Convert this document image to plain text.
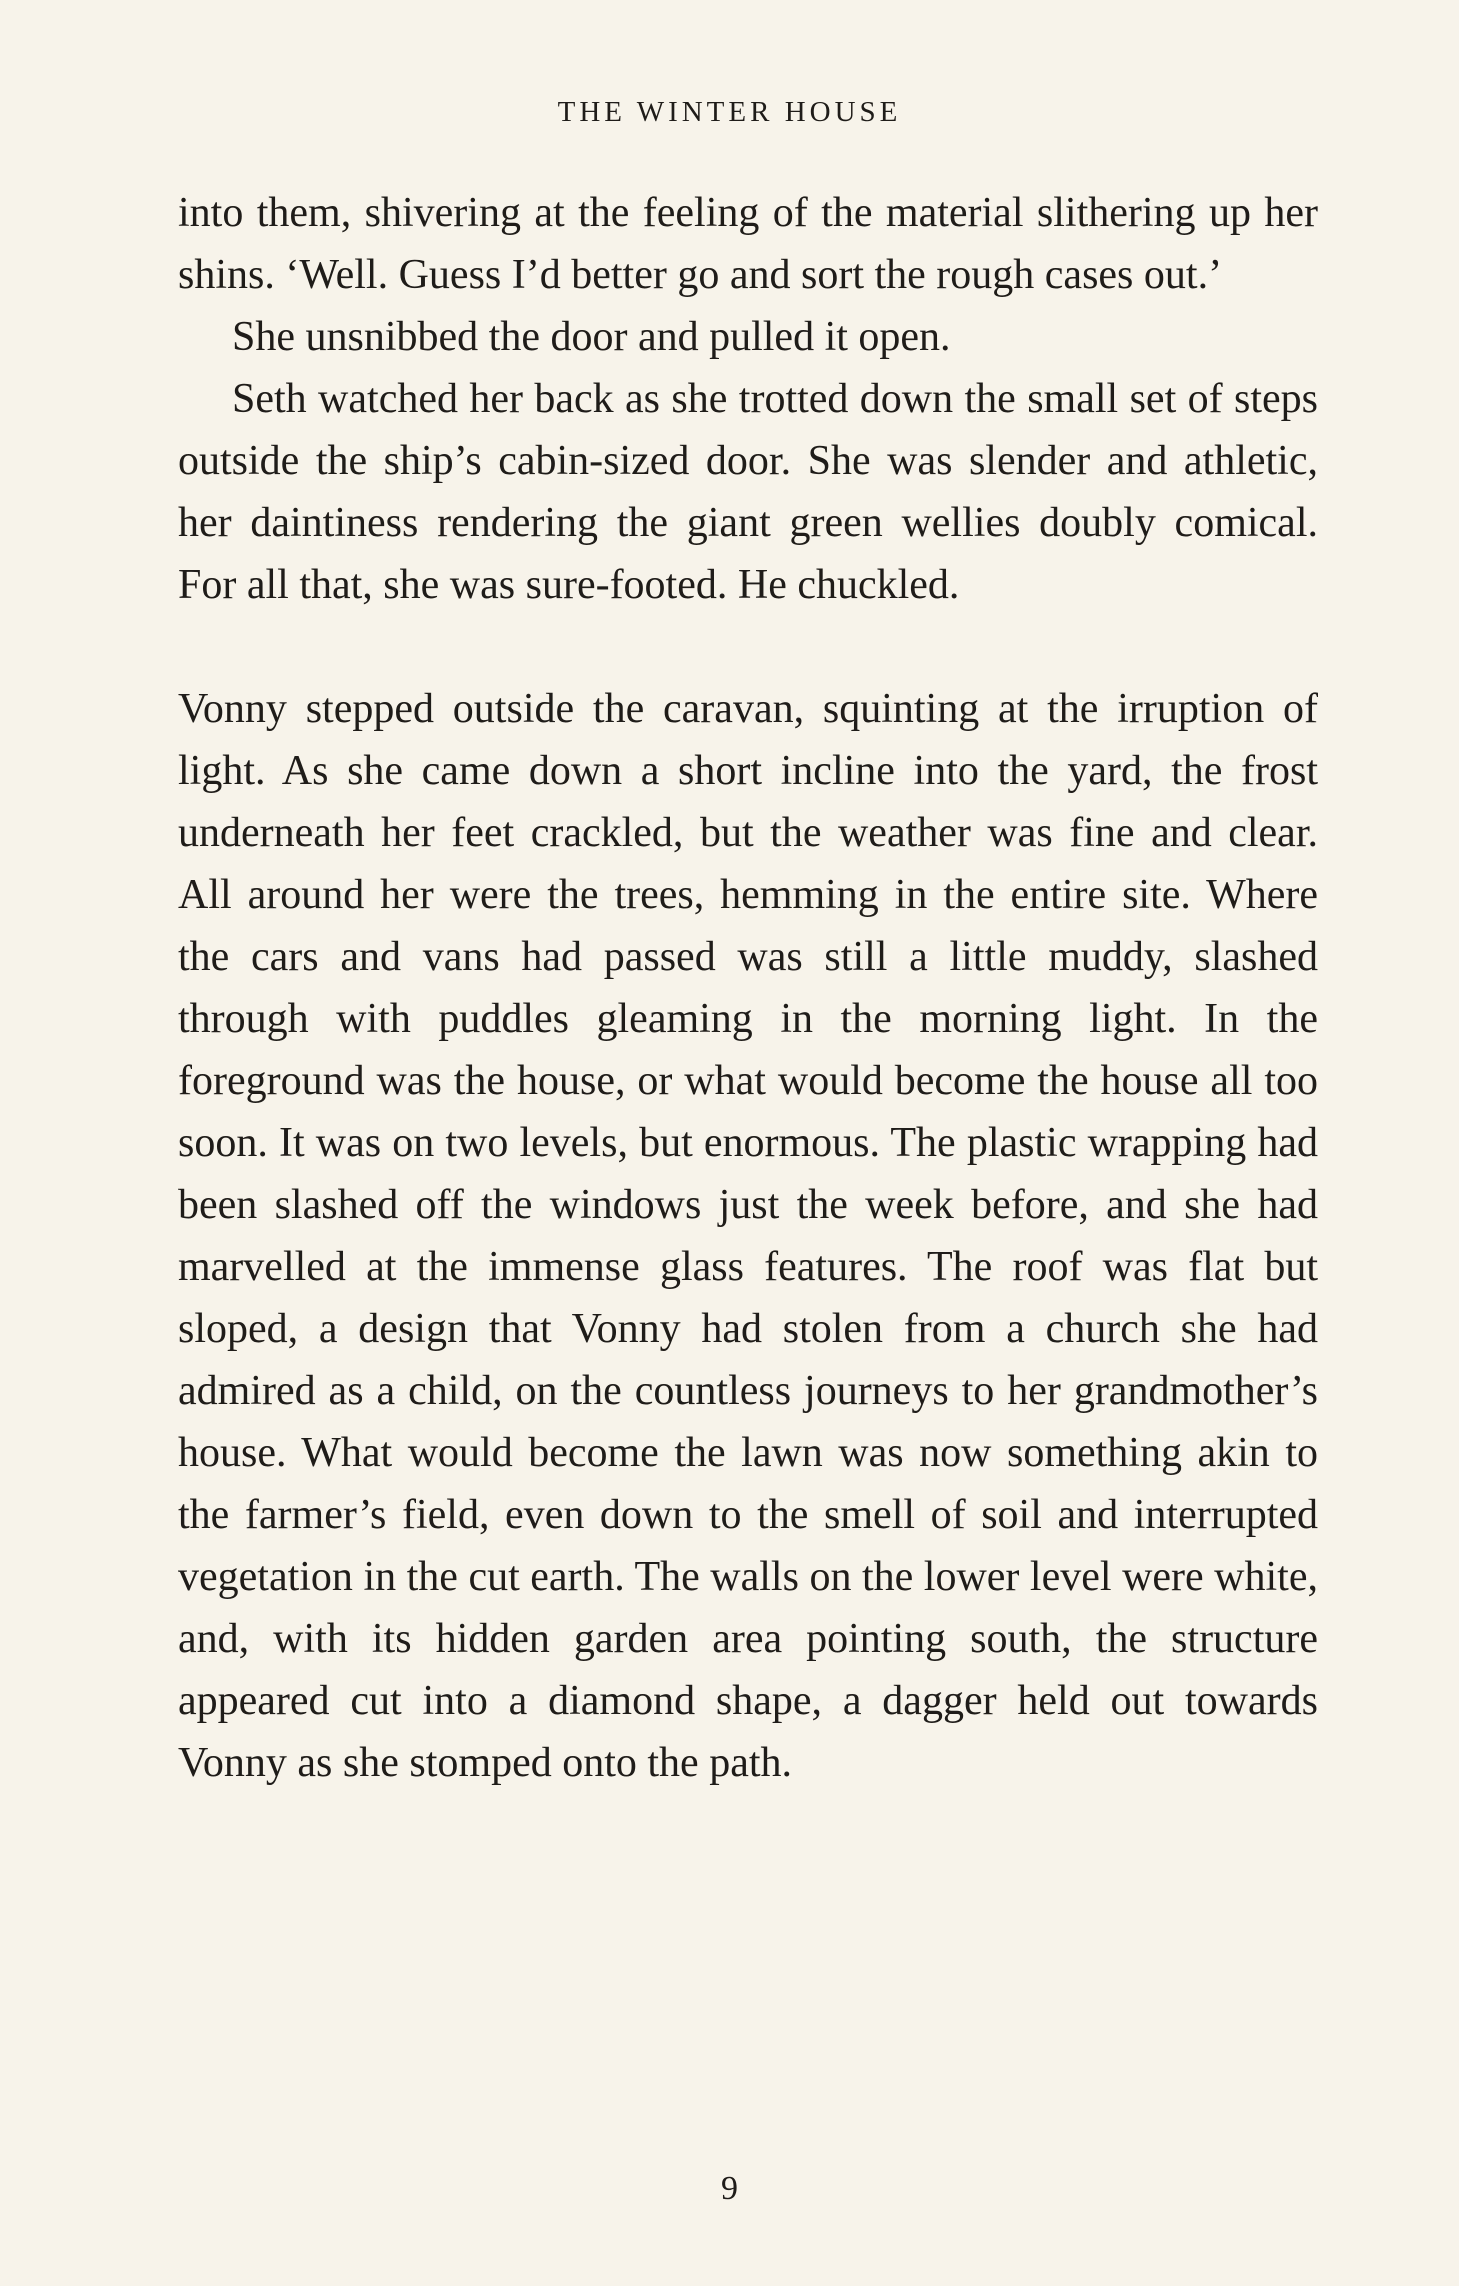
THE WINTER HOUSE

into them, shivering at the feeling of the material slithering up her shins. ‘Well. Guess I’d better go and sort the rough cases out.’

She unsnibbed the door and pulled it open.

Seth watched her back as she trotted down the small set of steps outside the ship’s cabin-sized door. She was slender and athletic, her daintiness rendering the giant green wellies doubly comical. For all that, she was sure-footed. He chuckled.

Vonny stepped outside the caravan, squinting at the irruption of light. As she came down a short incline into the yard, the frost underneath her feet crackled, but the weather was fine and clear. All around her were the trees, hemming in the entire site. Where the cars and vans had passed was still a little muddy, slashed through with puddles gleaming in the morning light. In the foreground was the house, or what would become the house all too soon. It was on two levels, but enormous. The plastic wrapping had been slashed off the windows just the week before, and she had marvelled at the immense glass features. The roof was flat but sloped, a design that Vonny had stolen from a church she had admired as a child, on the countless journeys to her grandmother’s house. What would become the lawn was now something akin to the farmer’s field, even down to the smell of soil and interrupted vegetation in the cut earth. The walls on the lower level were white, and, with its hidden garden area pointing south, the structure appeared cut into a diamond shape, a dagger held out towards Vonny as she stomped onto the path.

9
